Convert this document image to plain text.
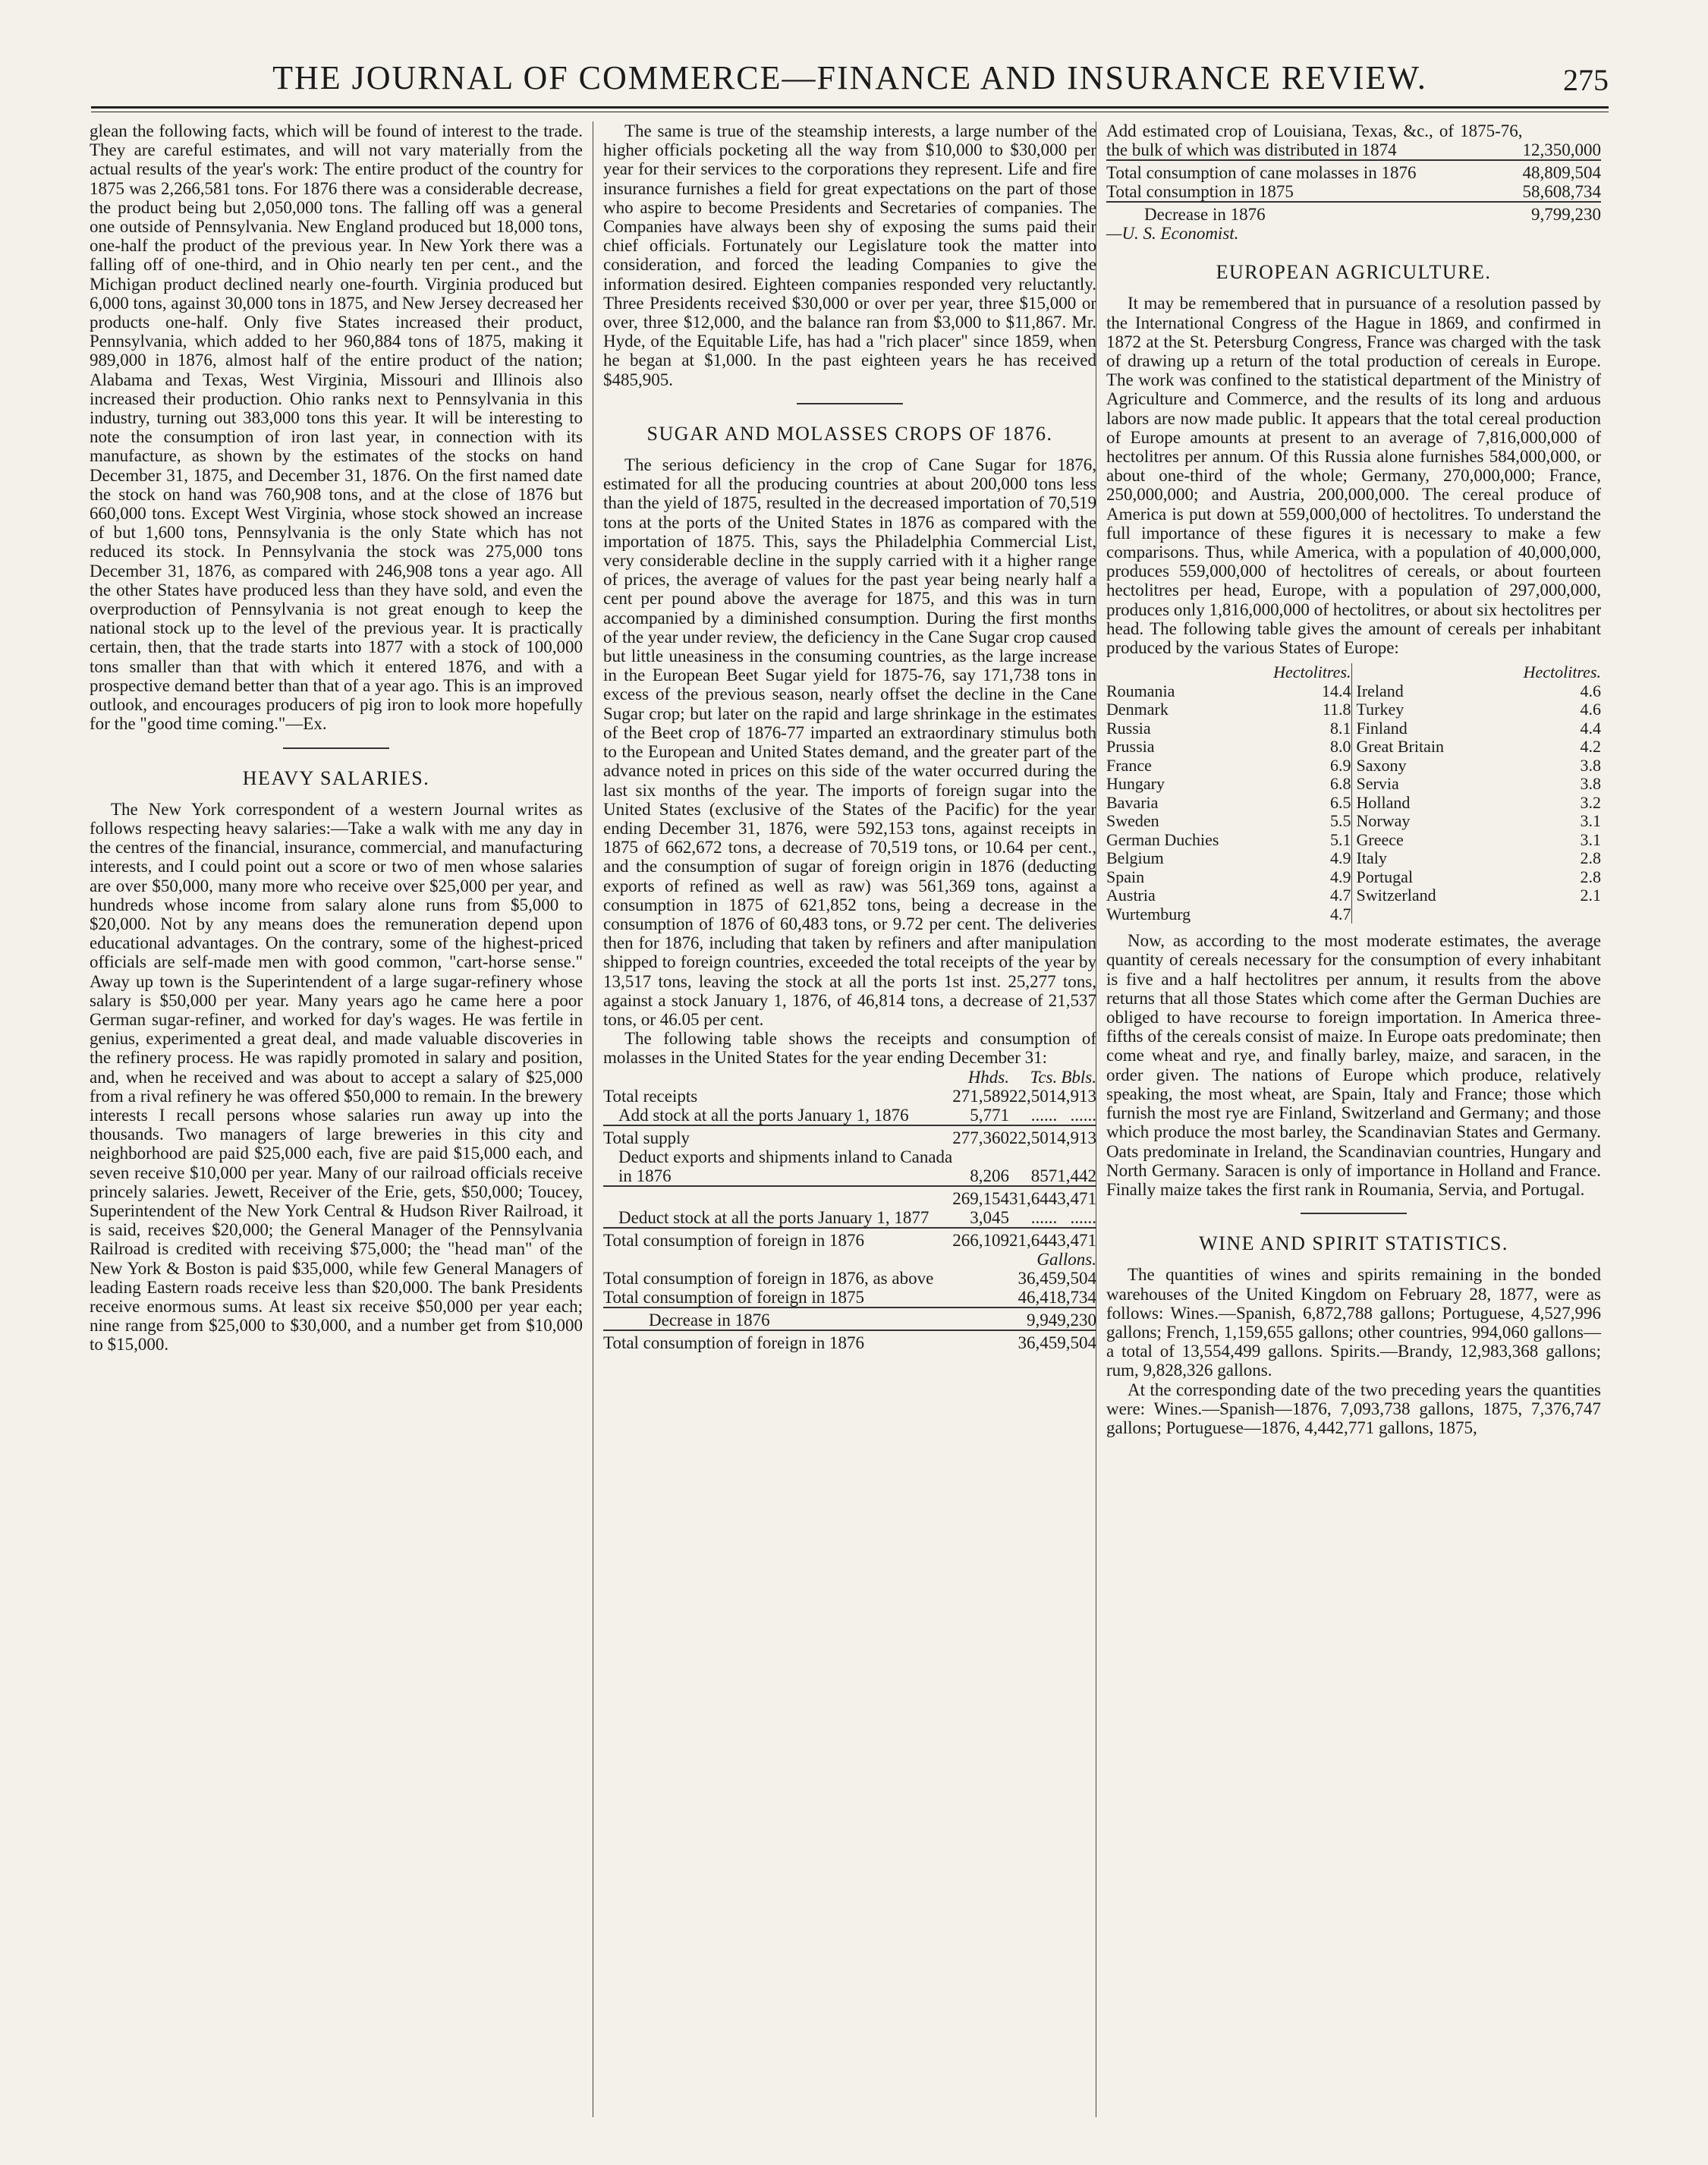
THE JOURNAL OF COMMERCE—FINANCE AND INSURANCE REVIEW.	275

glean the following facts, which will be found of interest to the trade. They are careful estimates, and will not vary materially from the actual results of the year's work: The entire product of the country for 1875 was 2,266,581 tons. For 1876 there was a considerable decrease, the product being but 2,050,000 tons. The falling off was a general one outside of Pennsylvania. New England produced but 18,000 tons, one-half the product of the previous year. In New York there was a falling off of one-third, and in Ohio nearly ten per cent., and the Michigan product declined nearly one-fourth. Virginia produced but 6,000 tons, against 30,000 tons in 1875, and New Jersey decreased her products one-half. Only five States increased their product, Pennsylvania, which added to her 960,884 tons of 1875, making it 989,000 in 1876, almost half of the entire product of the nation; Alabama and Texas, West Virginia, Missouri and Illinois also increased their production. Ohio ranks next to Pennsylvania in this industry, turning out 383,000 tons this year. It will be interesting to note the consumption of iron last year, in connection with its manufacture, as shown by the estimates of the stocks on hand December 31, 1875, and December 31, 1876. On the first named date the stock on hand was 760,908 tons, and at the close of 1876 but 660,000 tons. Except West Virginia, whose stock showed an increase of but 1,600 tons, Pennsylvania is the only State which has not reduced its stock. In Pennsylvania the stock was 275,000 tons December 31, 1876, as compared with 246,908 tons a year ago. All the other States have produced less than they have sold, and even the overproduction of Pennsylvania is not great enough to keep the national stock up to the level of the previous year. It is practically certain, then, that the trade starts into 1877 with a stock of 100,000 tons smaller than that with which it entered 1876, and with a prospective demand better than that of a year ago. This is an improved outlook, and encourages producers of pig iron to look more hopefully for the "good time coming."—Ex.

HEAVY SALARIES.

The New York correspondent of a western Journal writes as follows respecting heavy salaries:—Take a walk with me any day in the centres of the financial, insurance, commercial, and manufacturing interests, and I could point out a score or two of men whose salaries are over $50,000, many more who receive over $25,000 per year, and hundreds whose income from salary alone runs from $5,000 to $20,000. Not by any means does the remuneration depend upon educational advantages. On the contrary, some of the highest-priced officials are self-made men with good common, "cart-horse sense." Away up town is the Superintendent of a large sugar-refinery whose salary is $50,000 per year. Many years ago he came here a poor German sugar-refiner, and worked for day's wages. He was fertile in genius, experimented a great deal, and made valuable discoveries in the refinery process. He was rapidly promoted in salary and position, and, when he received and was about to accept a salary of $25,000 from a rival refinery he was offered $50,000 to remain. In the brewery interests I recall persons whose salaries run away up into the thousands. Two managers of large breweries in this city and neighborhood are paid $25,000 each, five are paid $15,000 each, and seven receive $10,000 per year. Many of our railroad officials receive princely salaries. Jewett, Receiver of the Erie, gets, $50,000; Toucey, Superintendent of the New York Central & Hudson River Railroad, it is said, receives $20,000; the General Manager of the Pennsylvania Railroad is credited with receiving $75,000; the "head man" of the New York & Boston is paid $35,000, while few General Managers of leading Eastern roads receive less than $20,000. The bank Presidents receive enormous sums. At least six receive $50,000 per year each; nine range from $25,000 to $30,000, and a number get from $10,000 to $15,000.

The same is true of the steamship interests, a large number of the higher officials pocketing all the way from $10,000 to $30,000 per year for their services to the corporations they represent. Life and fire insurance furnishes a field for great expectations on the part of those who aspire to become Presidents and Secretaries of companies. The Companies have always been shy of exposing the sums paid their chief officials. Fortunately our Legislature took the matter into consideration, and forced the leading Companies to give the information desired. Eighteen companies responded very reluctantly. Three Presidents received $30,000 or over per year, three $15,000 or over, three $12,000, and the balance ran from $3,000 to $11,867. Mr. Hyde, of the Equitable Life, has had a "rich placer" since 1859, when he began at $1,000. In the past eighteen years he has received $485,905.

SUGAR AND MOLASSES CROPS OF 1876.

The serious deficiency in the crop of Cane Sugar for 1876, estimated for all the producing countries at about 200,000 tons less than the yield of 1875, resulted in the decreased importation of 70,519 tons at the ports of the United States in 1876 as compared with the importation of 1875. This, says the Philadelphia Commercial List, very considerable decline in the supply carried with it a higher range of prices, the average of values for the past year being nearly half a cent per pound above the average for 1875, and this was in turn accompanied by a diminished consumption. During the first months of the year under review, the deficiency in the Cane Sugar crop caused but little uneasiness in the consuming countries, as the large increase in the European Beet Sugar yield for 1875-76, say 171,738 tons in excess of the previous season, nearly offset the decline in the Cane Sugar crop; but later on the rapid and large shrinkage in the estimates of the Beet crop of 1876-77 imparted an extraordinary stimulus both to the European and United States demand, and the greater part of the advance noted in prices on this side of the water occurred during the last six months of the year. The imports of foreign sugar into the United States (exclusive of the States of the Pacific) for the year ending December 31, 1876, were 592,153 tons, against receipts in 1875 of 662,672 tons, a decrease of 70,519 tons, or 10.64 per cent., and the consumption of sugar of foreign origin in 1876 (deducting exports of refined as well as raw) was 561,369 tons, against a consumption in 1875 of 621,852 tons, being a decrease in the consumption of 1876 of 60,483 tons, or 9.72 per cent. The deliveries then for 1876, including that taken by refiners and after manipulation shipped to foreign countries, exceeded the total receipts of the year by 13,517 tons, leaving the stock at all the ports 1st inst. 25,277 tons, against a stock January 1, 1876, of 46,814 tons, a decrease of 21,537 tons, or 46.05 per cent.

The following table shows the receipts and consumption of molasses in the United States for the year ending December 31:

	Hhds.	Tcs.	Bbls.
Total receipts	271,589	22,501	4,913
Add stock at all the ports January 1, 1876	5,771	......	......
Total supply	277,360	22,501	4,913
Deduct exports and shipments inland to Canada in 1876	8,206	857	1,442
	269,154	31,644	3,471
Deduct stock at all the ports January 1, 1877	3,045	......	......
Total consumption of foreign in 1876	266,109	21,644	3,471
	Gallons.
Total consumption of foreign in 1876, as above	36,459,504
Total consumption of foreign in 1875	46,418,734
Decrease in 1876	9,949,230
Total consumption of foreign in 1876	36,459,504
Add estimated crop of Louisiana, Texas, &c., of 1875-76, the bulk of which was distributed in 1874	12,350,000
Total consumption of cane molasses in 1876	48,809,504
Total consumption in 1875	58,608,734
Decrease in 1876	9,799,230

—U. S. Economist.

EUROPEAN AGRICULTURE.

It may be remembered that in pursuance of a resolution passed by the International Congress of the Hague in 1869, and confirmed in 1872 at the St. Petersburg Congress, France was charged with the task of drawing up a return of the total production of cereals in Europe. The work was confined to the statistical department of the Ministry of Agriculture and Commerce, and the results of its long and arduous labors are now made public. It appears that the total cereal production of Europe amounts at present to an average of 7,816,000,000 of hectolitres per annum. Of this Russia alone furnishes 584,000,000, or about one-third of the whole; Germany, 270,000,000; France, 250,000,000; and Austria, 200,000,000. The cereal produce of America is put down at 559,000,000 of hectolitres. To understand the full importance of these figures it is necessary to make a few comparisons. Thus, while America, with a population of 40,000,000, produces 559,000,000 of hectolitres of cereals, or about fourteen hectolitres per head, Europe, with a population of 297,000,000, produces only 1,816,000,000 of hectolitres, or about six hectolitres per head. The following table gives the amount of cereals per inhabitant produced by the various States of Europe:

Hectolitres.
Roumania	14.4
Denmark	11.8
Russia	8.1
Prussia	8.0
France	6.9
Hungary	6.8
Bavaria	6.5
Sweden	5.5
German Duchies	5.1
Belgium	4.9
Spain	4.9
Austria	4.7
Wurtemburg	4.7
Hectolitres.
Ireland	4.6
Turkey	4.6
Finland	4.4
Great Britain	4.2
Saxony	3.8
Servia	3.8
Holland	3.2
Norway	3.1
Greece	3.1
Italy	2.8
Portugal	2.8
Switzerland	2.1

Now, as according to the most moderate estimates, the average quantity of cereals necessary for the consumption of every inhabitant is five and a half hectolitres per annum, it results from the above returns that all those States which come after the German Duchies are obliged to have recourse to foreign importation. In America three-fifths of the cereals consist of maize. In Europe oats predominate; then come wheat and rye, and finally barley, maize, and saracen, in the order given. The nations of Europe which produce, relatively speaking, the most wheat, are Spain, Italy and France; those which furnish the most rye are Finland, Switzerland and Germany; and those which produce the most barley, the Scandinavian States and Germany. Oats predominate in Ireland, the Scandinavian countries, Hungary and North Germany. Saracen is only of importance in Holland and France. Finally maize takes the first rank in Roumania, Servia, and Portugal.

WINE AND SPIRIT STATISTICS.

The quantities of wines and spirits remaining in the bonded warehouses of the United Kingdom on February 28, 1877, were as follows: Wines.—Spanish, 6,872,788 gallons; Portuguese, 4,527,996 gallons; French, 1,159,655 gallons; other countries, 994,060 gallons—a total of 13,554,499 gallons. Spirits.—Brandy, 12,983,368 gallons; rum, 9,828,326 gallons.

At the corresponding date of the two preceding years the quantities were: Wines.—Spanish—1876, 7,093,738 gallons, 1875, 7,376,747 gallons; Portuguese—1876, 4,442,771 gallons, 1875,
